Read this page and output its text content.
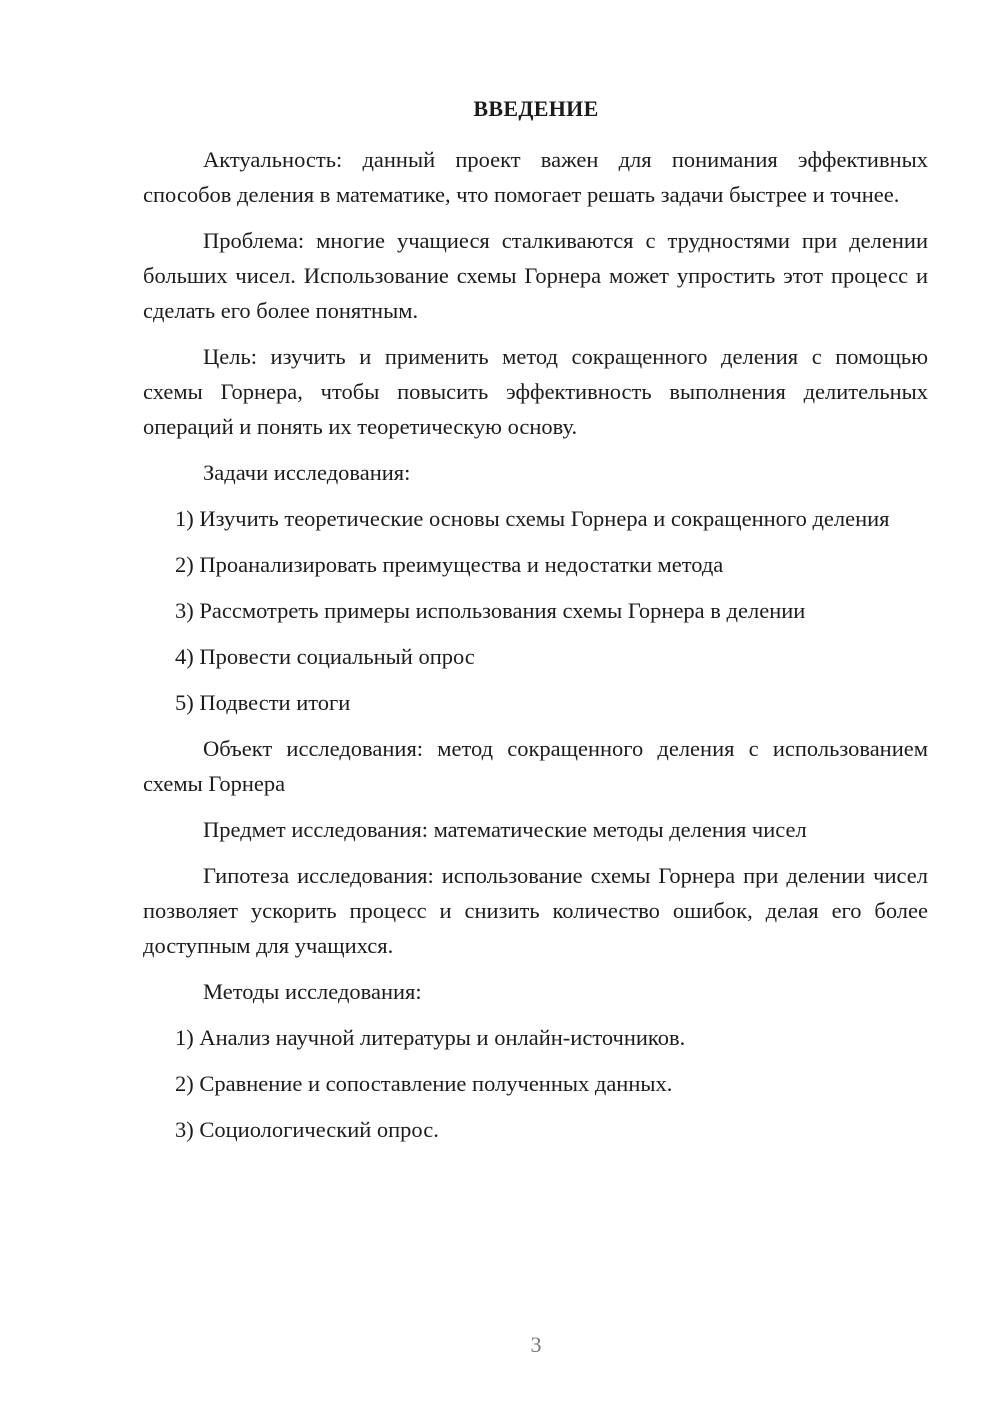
ВВЕДЕНИЕ

Актуальность: данный проект важен для понимания эффективных способов деления в математике, что помогает решать задачи быстрее и точнее.

Проблема: многие учащиеся сталкиваются с трудностями при делении больших чисел. Использование схемы Горнера может упростить этот процесс и сделать его более понятным.

Цель: изучить и применить метод сокращенного деления с помощью схемы Горнера, чтобы повысить эффективность выполнения делительных операций и понять их теоретическую основу.

Задачи исследования:

1) Изучить теоретические основы схемы Горнера и сокращенного деления

2) Проанализировать преимущества и недостатки метода

3) Рассмотреть примеры использования схемы Горнера в делении

4) Провести социальный опрос

5) Подвести итоги

Объект исследования: метод сокращенного деления с использованием схемы Горнера

Предмет исследования: математические методы деления чисел

Гипотеза исследования: использование схемы Горнера при делении чисел позволяет ускорить процесс и снизить количество ошибок, делая его более доступным для учащихся.

Методы исследования:

1) Анализ научной литературы и онлайн-источников.

2) Сравнение и сопоставление полученных данных.

3) Социологический опрос.

3
